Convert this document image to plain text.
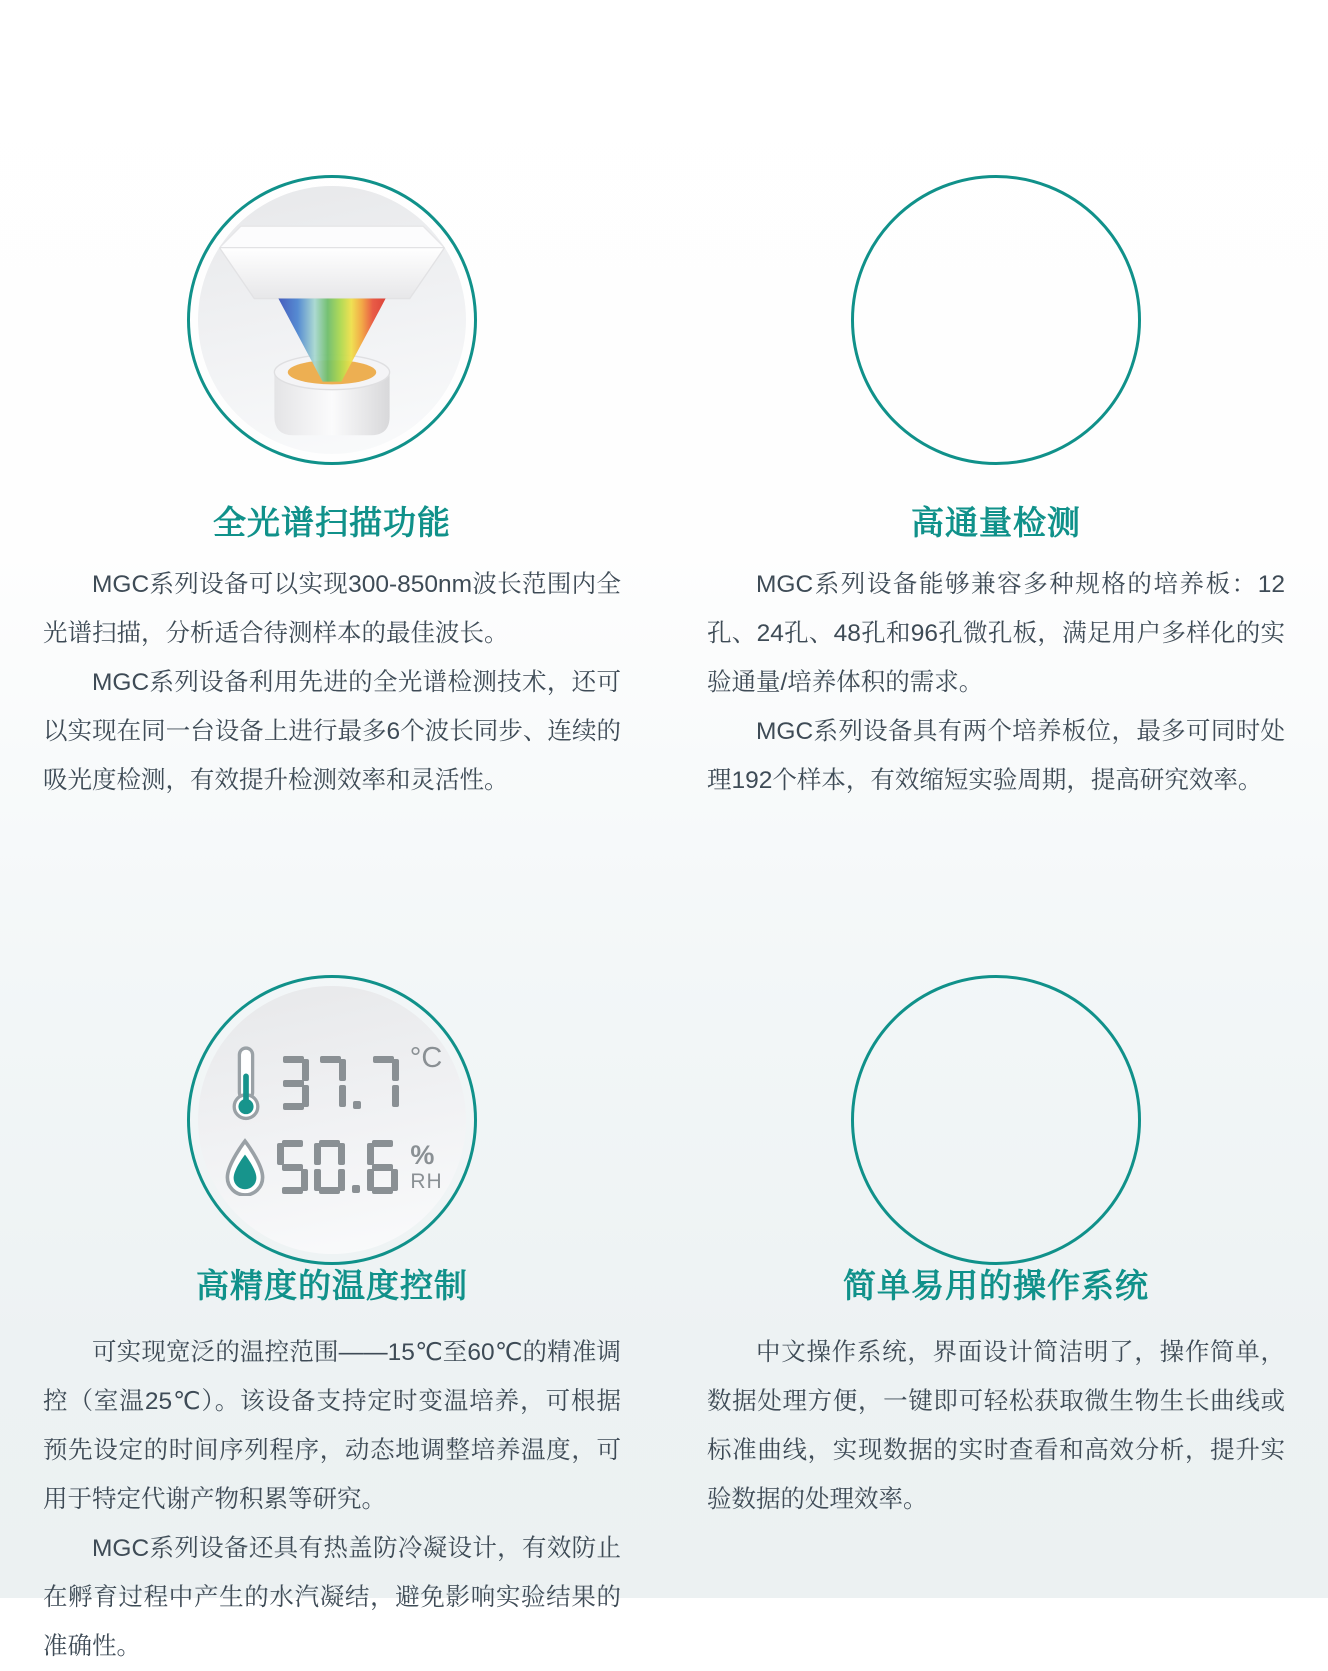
全光谱扫描功能

MGC系列设备可以实现300-850nm波长范围内全光谱扫描，分析适合待测样本的最佳波长。

MGC系列设备利用先进的全光谱检测技术，还可以实现在同一台设备上进行最多6个波长同步、连续的吸光度检测，有效提升检测效率和灵活性。

高通量检测

MGC系列设备能够兼容多种规格的培养板：12孔、24孔、48孔和96孔微孔板，满足用户多样化的实验通量/培养体积的需求。

MGC系列设备具有两个培养板位，最多可同时处理192个样本，有效缩短实验周期，提高研究效率。

°C
%
RH
高精度的温度控制

可实现宽泛的温控范围——15℃至60℃的精准调控（室温25℃）。该设备支持定时变温培养，可根据预先设定的时间序列程序，动态地调整培养温度，可用于特定代谢产物积累等研究。

MGC系列设备还具有热盖防冷凝设计，有效防止在孵育过程中产生的水汽凝结，避免影响实验结果的准确性。

简单易用的操作系统

中文操作系统，界面设计简洁明了，操作简单，数据处理方便，一键即可轻松获取微生物生长曲线或标准曲线，实现数据的实时查看和高效分析，提升实验数据的处理效率。
